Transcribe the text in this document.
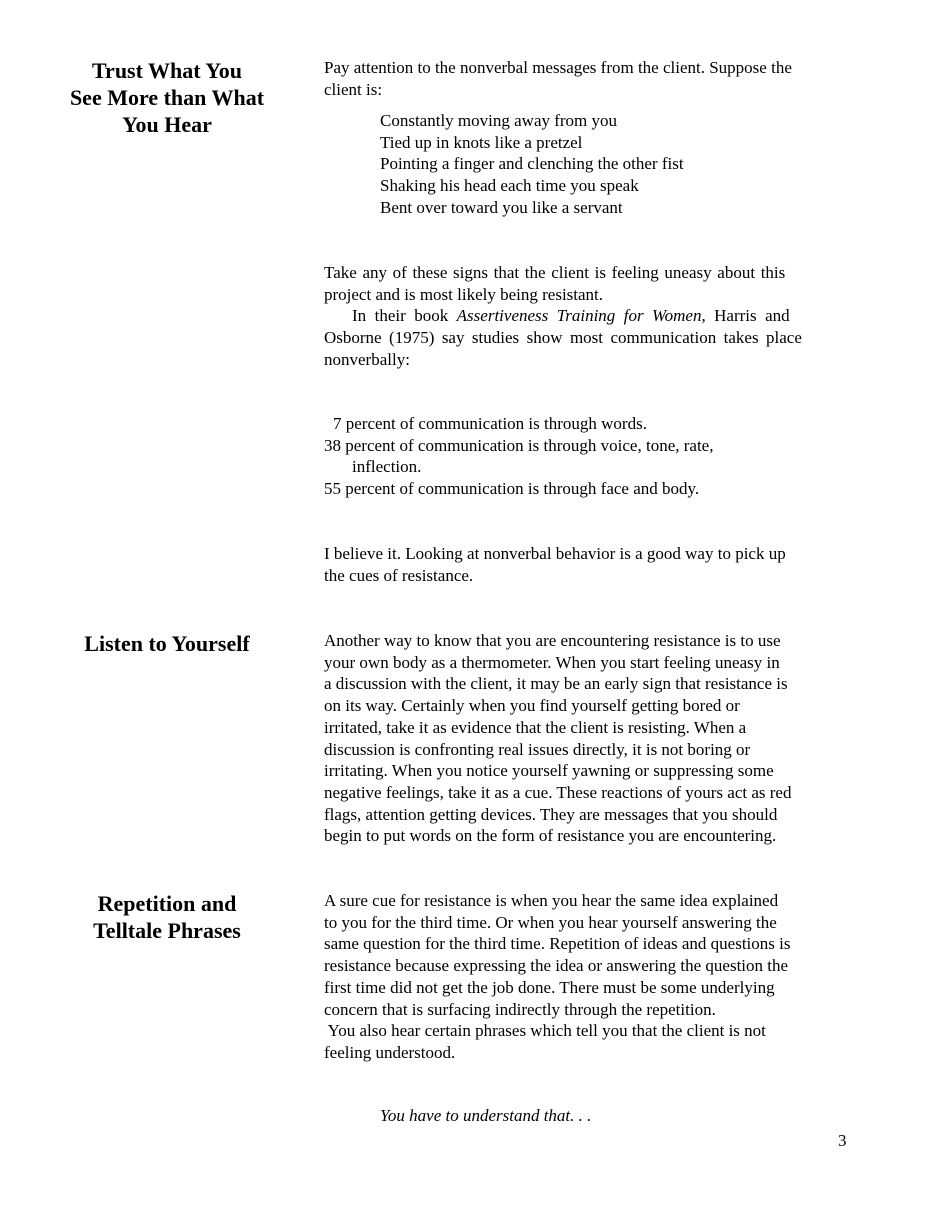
Trust What You
See More than What
You Hear
Pay attention to the nonverbal messages from the client. Suppose the
client is:
Constantly moving away from you
Tied up in knots like a pretzel
Pointing a finger and clenching the other fist
Shaking his head each time you speak
Bent over toward you like a servant
Take any of these signs that the client is feeling uneasy about this
project and is most likely being resistant.
In their book Assertiveness Training for Women, Harris and
Osborne (1975) say studies show most communication takes place
nonverbally:
7 percent of communication is through words.
38 percent of communication is through voice, tone, rate,
inflection.
55 percent of communication is through face and body.
I believe it. Looking at nonverbal behavior is a good way to pick up
the cues of resistance.
Listen to Yourself	Another way to know that you are encountering resistance is to use
your own body as a thermometer. When you start feeling uneasy in
a discussion with the client, it may be an early sign that resistance is
on its way. Certainly when you find yourself getting bored or
irritated, take it as evidence that the client is resisting. When a
discussion is confronting real issues directly, it is not boring or
irritating. When you notice yourself yawning or suppressing some
negative feelings, take it as a cue. These reactions of yours act as red
flags, attention getting devices. They are messages that you should
begin to put words on the form of resistance you are encountering.
Repetition and
Telltale Phrases
A sure cue for resistance is when you hear the same idea explained
to you for the third time. Or when you hear yourself answering the
same question for the third time. Repetition of ideas and questions is
resistance because expressing the idea or answering the question the
first time did not get the job done. There must be some underlying
concern that is surfacing indirectly through the repetition.
You also hear certain phrases which tell you that the client is not
feeling understood.
You have to understand that. . .
3
